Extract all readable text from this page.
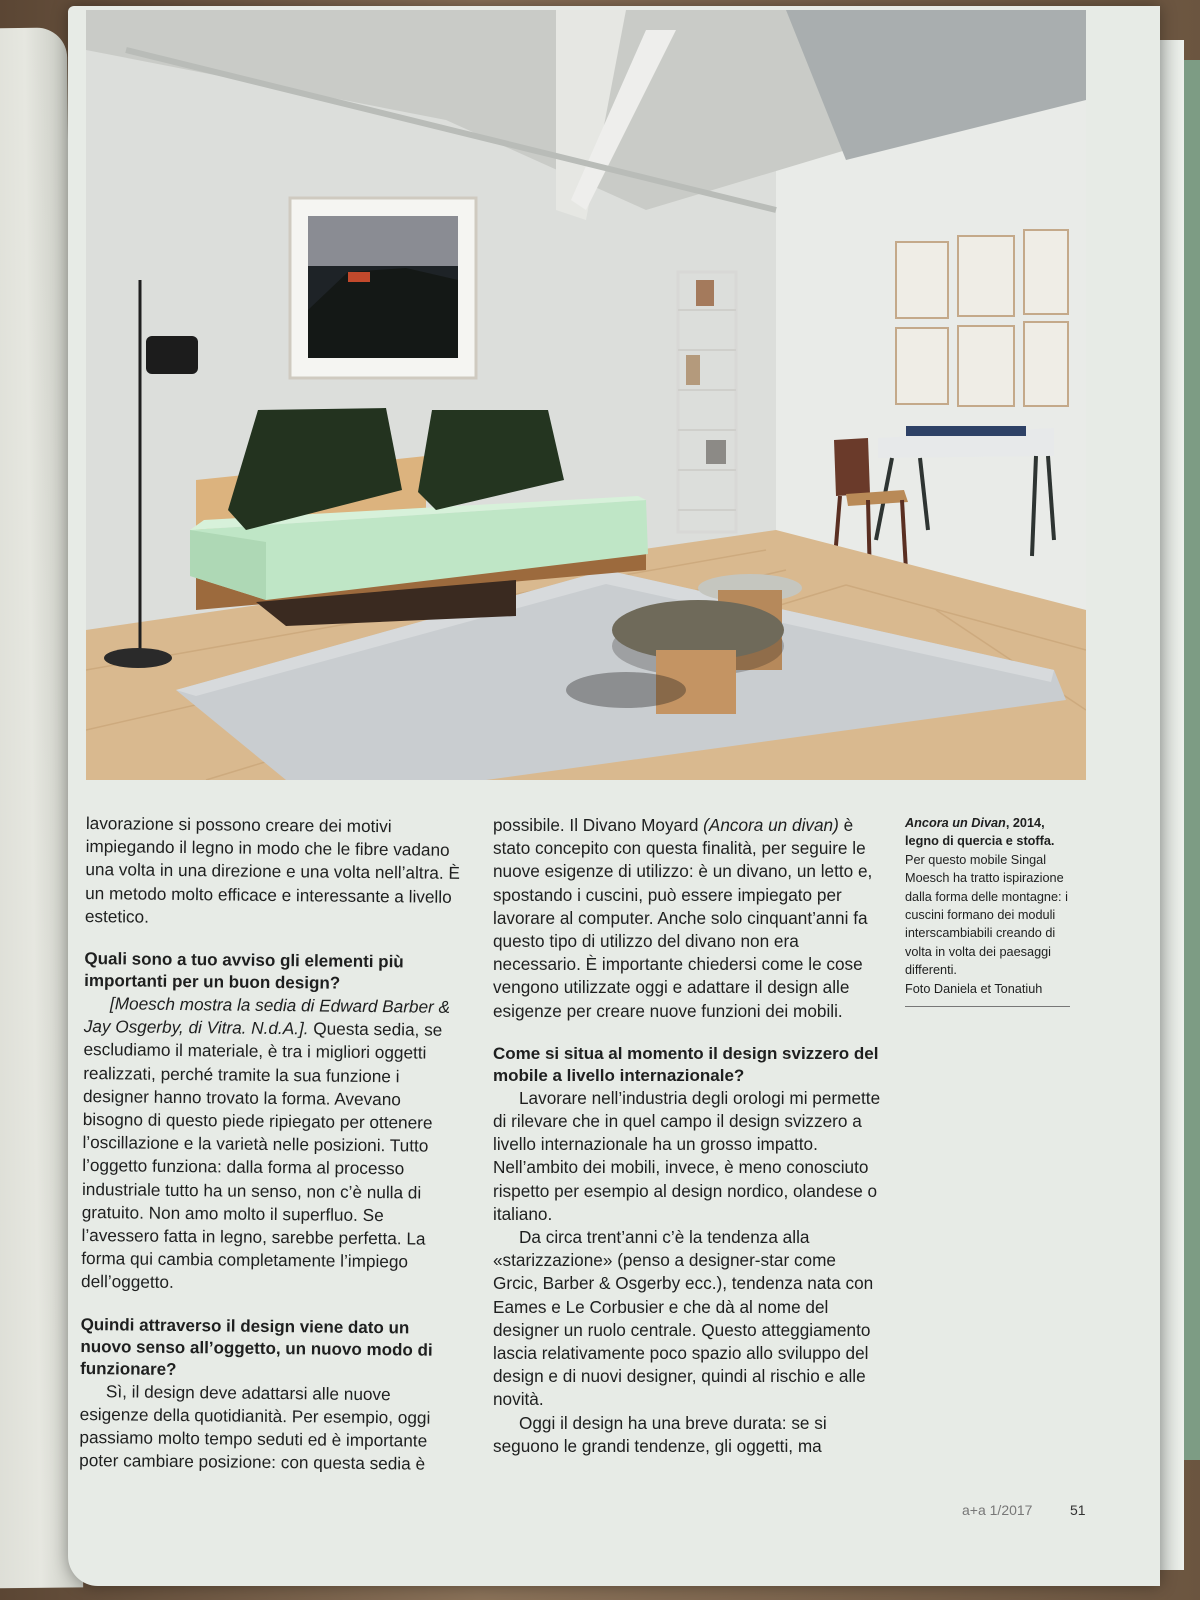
lavorazione si possono creare dei motivi impiegando il legno in modo che le fibre vadano una volta in una direzione e una volta nell’altra. È un metodo molto efficace e interessante a livello estetico.

Quali sono a tuo avviso gli elementi più importanti per un buon design?

[Moesch mostra la sedia di Edward Barber & Jay Osgerby, di Vitra. N.d.A.]. Questa sedia, se escludiamo il materiale, è tra i migliori oggetti realizzati, perché tramite la sua funzione i designer hanno trovato la forma. Avevano bisogno di questo piede ripiegato per ottenere l’oscillazione e la varietà nelle posizioni. Tutto l’oggetto funziona: dalla forma al processo industriale tutto ha un senso, non c’è nulla di gratuito. Non amo molto il superfluo. Se l’avessero fatta in legno, sarebbe perfetta. La forma qui cambia completamente l’impiego dell’oggetto.

Quindi attraverso il design viene dato un nuovo senso all’oggetto, un nuovo modo di funzionare?

Sì, il design deve adattarsi alle nuove esigenze della quotidianità. Per esempio, oggi passiamo molto tempo seduti ed è importante poter cambiare posizione: con questa sedia è

possibile. Il Divano Moyard (Ancora un divan) è stato concepito con questa finalità, per seguire le nuove esigenze di utilizzo: è un divano, un letto e, spostando i cuscini, può essere impiegato per lavorare al computer. Anche solo cinquant’anni fa questo tipo di utilizzo del divano non era necessario. È importante chiedersi come le cose vengono utilizzate oggi e adattare il design alle esigenze per creare nuove funzioni dei mobili.

Come si situa al momento il design svizzero del mobile a livello internazionale?

Lavorare nell’industria degli orologi mi permette di rilevare che in quel campo il design svizzero a livello internazionale ha un grosso impatto. Nell’ambito dei mobili, invece, è meno conosciuto rispetto per esempio al design nordico, olandese o italiano.

Da circa trent’anni c’è la tendenza alla «starizzazione» (penso a designer-star come Grcic, Barber & Osgerby ecc.), tendenza nata con Eames e Le Corbusier e che dà al nome del designer un ruolo centrale. Questo atteggiamento lascia relativamente poco spazio allo sviluppo del design e di nuovi designer, quindi al rischio e alle novità.

Oggi il design ha una breve durata: se si seguono le grandi tendenze, gli oggetti, ma

Ancora un Divan, 2014, legno di quercia e stoffa.

Per questo mobile Singal Moesch ha tratto ispirazione dalla forma delle montagne: i cuscini formano dei moduli interscambiabili creando di volta in volta dei paesaggi differenti.

Foto Daniela et Tonatiuh

a+a 1/2017	51
